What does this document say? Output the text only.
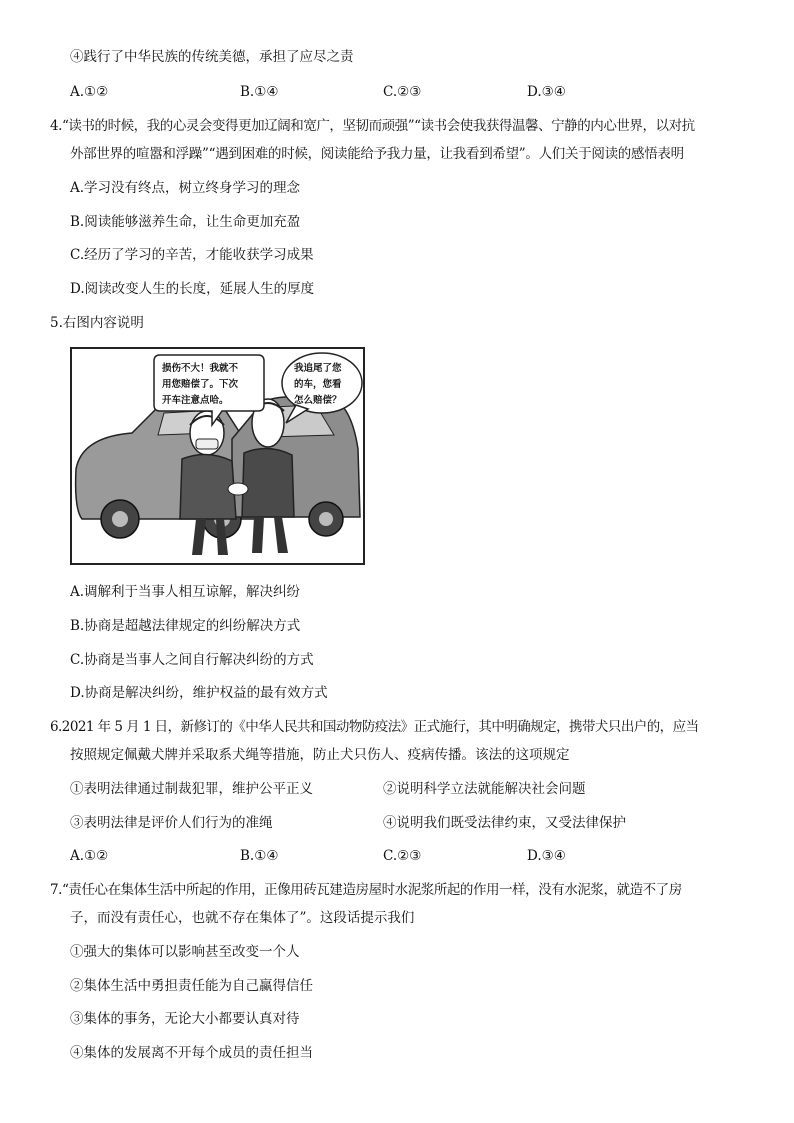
④践行了中华民族的传统美德，承担了应尽之责
A.①②	B.①④	C.②③	D.③④
4.“读书的时候，我的心灵会变得更加辽阔和宽广，坚韧而顽强”“读书会使我获得温馨、宁静的内心世界，以对抗
外部世界的喧嚣和浮躁”“遇到困难的时候，阅读能给予我力量，让我看到希望”。人们关于阅读的感悟表明
A.学习没有终点，树立终身学习的理念
B.阅读能够滋养生命，让生命更加充盈
C.经历了学习的辛苦，才能收获学习成果
D.阅读改变人生的长度，延展人生的厚度
5.右图内容说明
损伤不大！我就不
用您赔偿了。下次
开车注意点哈。
我追尾了您
的车，您看
怎么赔偿？
A.调解利于当事人相互谅解，解决纠纷
B.协商是超越法律规定的纠纷解决方式
C.协商是当事人之间自行解决纠纷的方式
D.协商是解决纠纷，维护权益的最有效方式
6.2021 年 5 月 1 日，新修订的《中华人民共和国动物防疫法》正式施行，其中明确规定，携带犬只出户的，应当
按照规定佩戴犬牌并采取系犬绳等措施，防止犬只伤人、疫病传播。该法的这项规定
①表明法律通过制裁犯罪，维护公平正义	②说明科学立法就能解决社会问题
③表明法律是评价人们行为的准绳	④说明我们既受法律约束，又受法律保护
A.①②	B.①④	C.②③	D.③④
7.“责任心在集体生活中所起的作用，正像用砖瓦建造房屋时水泥浆所起的作用一样，没有水泥浆，就造不了房
子，而没有责任心，也就不存在集体了”。这段话提示我们
①强大的集体可以影响甚至改变一个人
②集体生活中勇担责任能为自己赢得信任
③集体的事务，无论大小都要认真对待
④集体的发展离不开每个成员的责任担当
